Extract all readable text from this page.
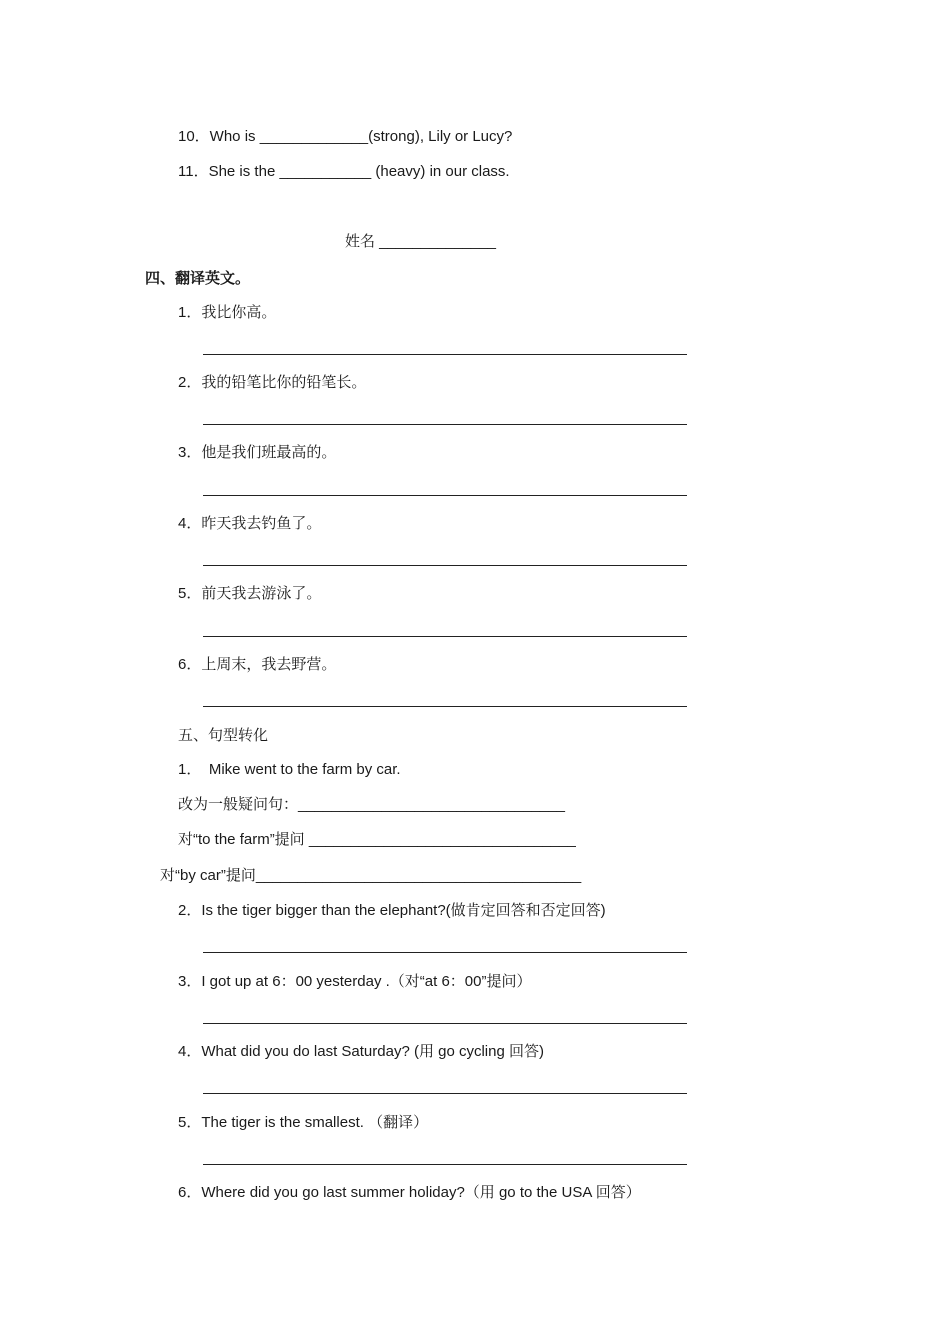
10．Who is _____________(strong), Lily or Lucy?
11．She is the ___________ (heavy) in our class.
姓名 ______________
四、翻译英文。
1．我比你高。
2．我的铅笔比你的铅笔长。
3．他是我们班最高的。
4．昨天我去钓鱼了。
5．前天我去游泳了。
6．上周末，我去野营。
五、句型转化
1．　Mike went to the farm by car.
改为一般疑问句：________________________________
对“to the farm”提问 ________________________________
对“by car”提问_______________________________________
2．Is the tiger bigger than the elephant?(做肯定回答和否定回答)
3．I got up at 6：00 yesterday .（对“at 6：00”提问）
4．What did you do last Saturday? (用 go cycling 回答)
5．The tiger is the smallest. （翻译）
6．Where did you go last summer holiday?（用 go to the USA 回答）
